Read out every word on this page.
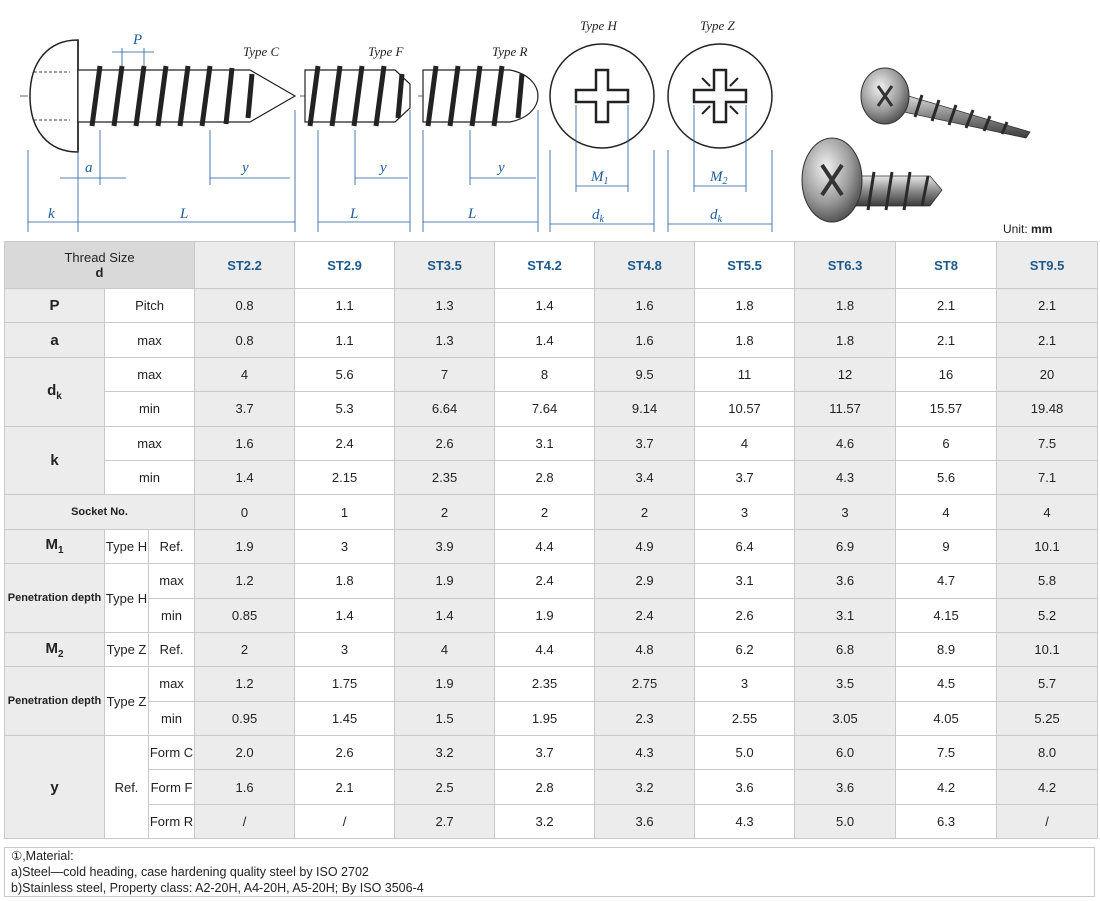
Type C	Type F	Type R
Type H	Type Z
P
k	L
a	y
L
y
L
y
$M_1$
$d_k$
$M_2$
$d_k$
Unit: mm
Thread Size
d			ST2.2	ST2.9	ST3.5	ST4.2	ST4.8	ST5.5	ST6.3	ST8	ST9.5
P	Pitch		0.8	1.1	1.3	1.4	1.6	1.8	1.8	2.1	2.1
a	max		0.8	1.1	1.3	1.4	1.6	1.8	1.8	2.1	2.1
$d_k$	max		4	5.6	7	8	9.5	11	12	16	20
	min		3.7	5.3	6.64	7.64	9.14	10.57	11.57	15.57	19.48
k	max		1.6	2.4	2.6	3.1	3.7	4	4.6	6	7.5
	min		1.4	2.15	2.35	2.8	3.4	3.7	4.3	5.6	7.1
Socket No.			0	1	2	2	2	3	3	4	4
$M_1$	Type H	Ref.	1.9	3	3.9	4.4	4.9	6.4	6.9	9	10.1
Penetration depth	Type H	max	1.2	1.8	1.9	2.4	2.9	3.1	3.6	4.7	5.8
		min	0.85	1.4	1.4	1.9	2.4	2.6	3.1	4.15	5.2
$M_2$	Type Z	Ref.	2	3	4	4.4	4.8	6.2	6.8	8.9	10.1
Penetration depth	Type Z	max	1.2	1.75	1.9	2.35	2.75	3	3.5	4.5	5.7
		min	0.95	1.45	1.5	1.95	2.3	2.55	3.05	4.05	5.25
y	Ref.	Form C	2.0	2.6	3.2	3.7	4.3	5.0	6.0	7.5	8.0
		Form F	1.6	2.1	2.5	2.8	3.2	3.6	3.6	4.2	4.2
		Form R	/	/	2.7	3.2	3.6	4.3	5.0	6.3	/
①,Material:
a)Steel—cold heading, case hardening quality steel by ISO 2702
b)Stainless steel, Property class: A2-20H, A4-20H, A5-20H; By ISO 3506-4
